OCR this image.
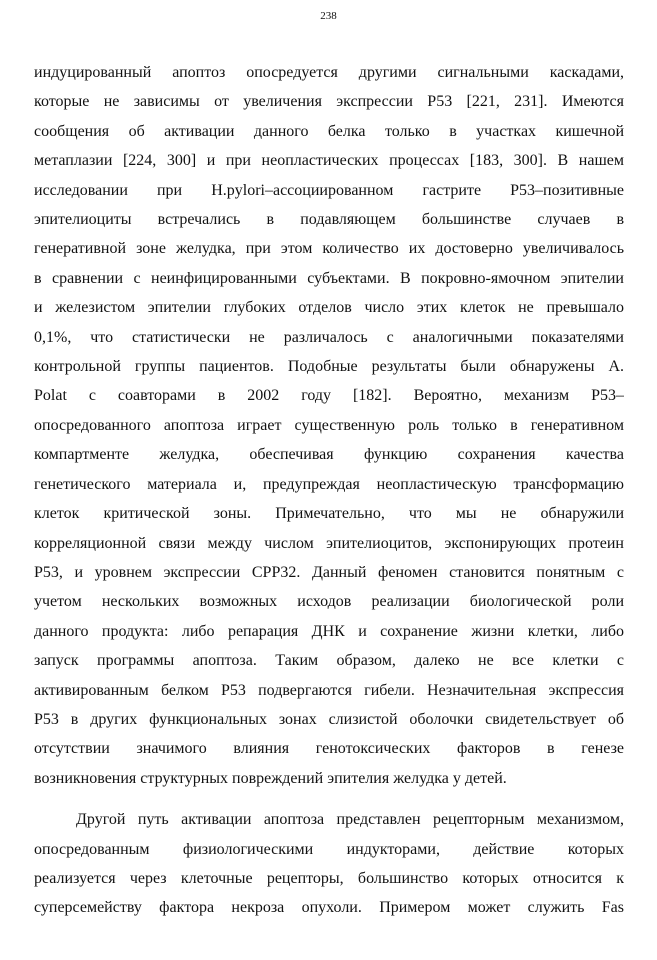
238
индуцированный апоптоз опосредуется другими сигнальными каскадами,
которые не зависимы от увеличения экспрессии Р53 [221, 231]. Имеются
сообщения об активации данного белка только в участках кишечной
метаплазии [224, 300] и при неопластических процессах [183, 300]. В нашем
исследовании при H.pylori–ассоциированном гастрите Р53–позитивные
эпителиоциты встречались в подавляющем большинстве случаев в
генеративной зоне желудка, при этом количество их достоверно увеличивалось
в сравнении с неинфицированными субъектами. В покровно-ямочном эпителии
и железистом эпителии глубоких отделов число этих клеток не превышало
0,1%, что статистически не различалось с аналогичными показателями
контрольной группы пациентов. Подобные результаты были обнаружены А.
Polat с соавторами в 2002 году [182]. Вероятно, механизм Р53–
опосредованного апоптоза играет существенную роль только в генеративном
компартменте желудка, обеспечивая функцию сохранения качества
генетического материала и, предупреждая неопластическую трансформацию
клеток критической зоны. Примечательно, что мы не обнаружили
корреляционной связи между числом эпителиоцитов, экспонирующих протеин
Р53, и уровнем экспрессии СРР32. Данный феномен становится понятным с
учетом нескольких возможных исходов реализации биологической роли
данного продукта: либо репарация ДНК и сохранение жизни клетки, либо
запуск программы апоптоза. Таким образом, далеко не все клетки с
активированным белком Р53 подвергаются гибели. Незначительная экспрессия
Р53 в других функциональных зонах слизистой оболочки свидетельствует об
отсутствии значимого влияния генотоксических факторов в генезе
возникновения структурных повреждений эпителия желудка у детей.
Другой путь активации апоптоза представлен рецепторным механизмом,
опосредованным физиологическими индукторами, действие которых
реализуется через клеточные рецепторы, большинство которых относится к
суперсемейству фактора некроза опухоли. Примером может служить Fas
